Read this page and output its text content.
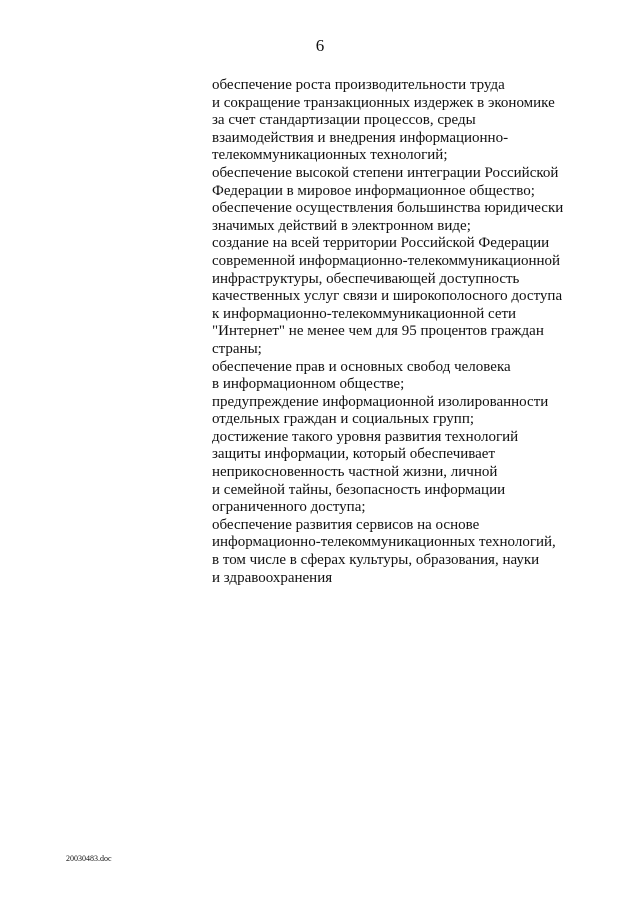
6
обеспечение роста производительности труда
и сокращение транзакционных издержек в экономике
за счет стандартизации процессов, среды
взаимодействия и внедрения информационно-
телекоммуникационных технологий;
обеспечение высокой степени интеграции Российской
Федерации в мировое информационное общество;
обеспечение осуществления большинства юридически
значимых действий в электронном виде;
создание на всей территории Российской Федерации
современной информационно-телекоммуникационной
инфраструктуры, обеспечивающей доступность
качественных услуг связи и широкополосного доступа
к информационно-телекоммуникационной сети
"Интернет" не менее чем для 95 процентов граждан
страны;
обеспечение прав и основных свобод человека
в информационном обществе;
предупреждение информационной изолированности
отдельных граждан и социальных групп;
достижение такого уровня развития технологий
защиты информации, который обеспечивает
неприкосновенность частной жизни, личной
и семейной тайны, безопасность информации
ограниченного доступа;
обеспечение развития сервисов на основе
информационно-телекоммуникационных технологий,
в том числе в сферах культуры, образования, науки
и здравоохранения
20030483.doc
